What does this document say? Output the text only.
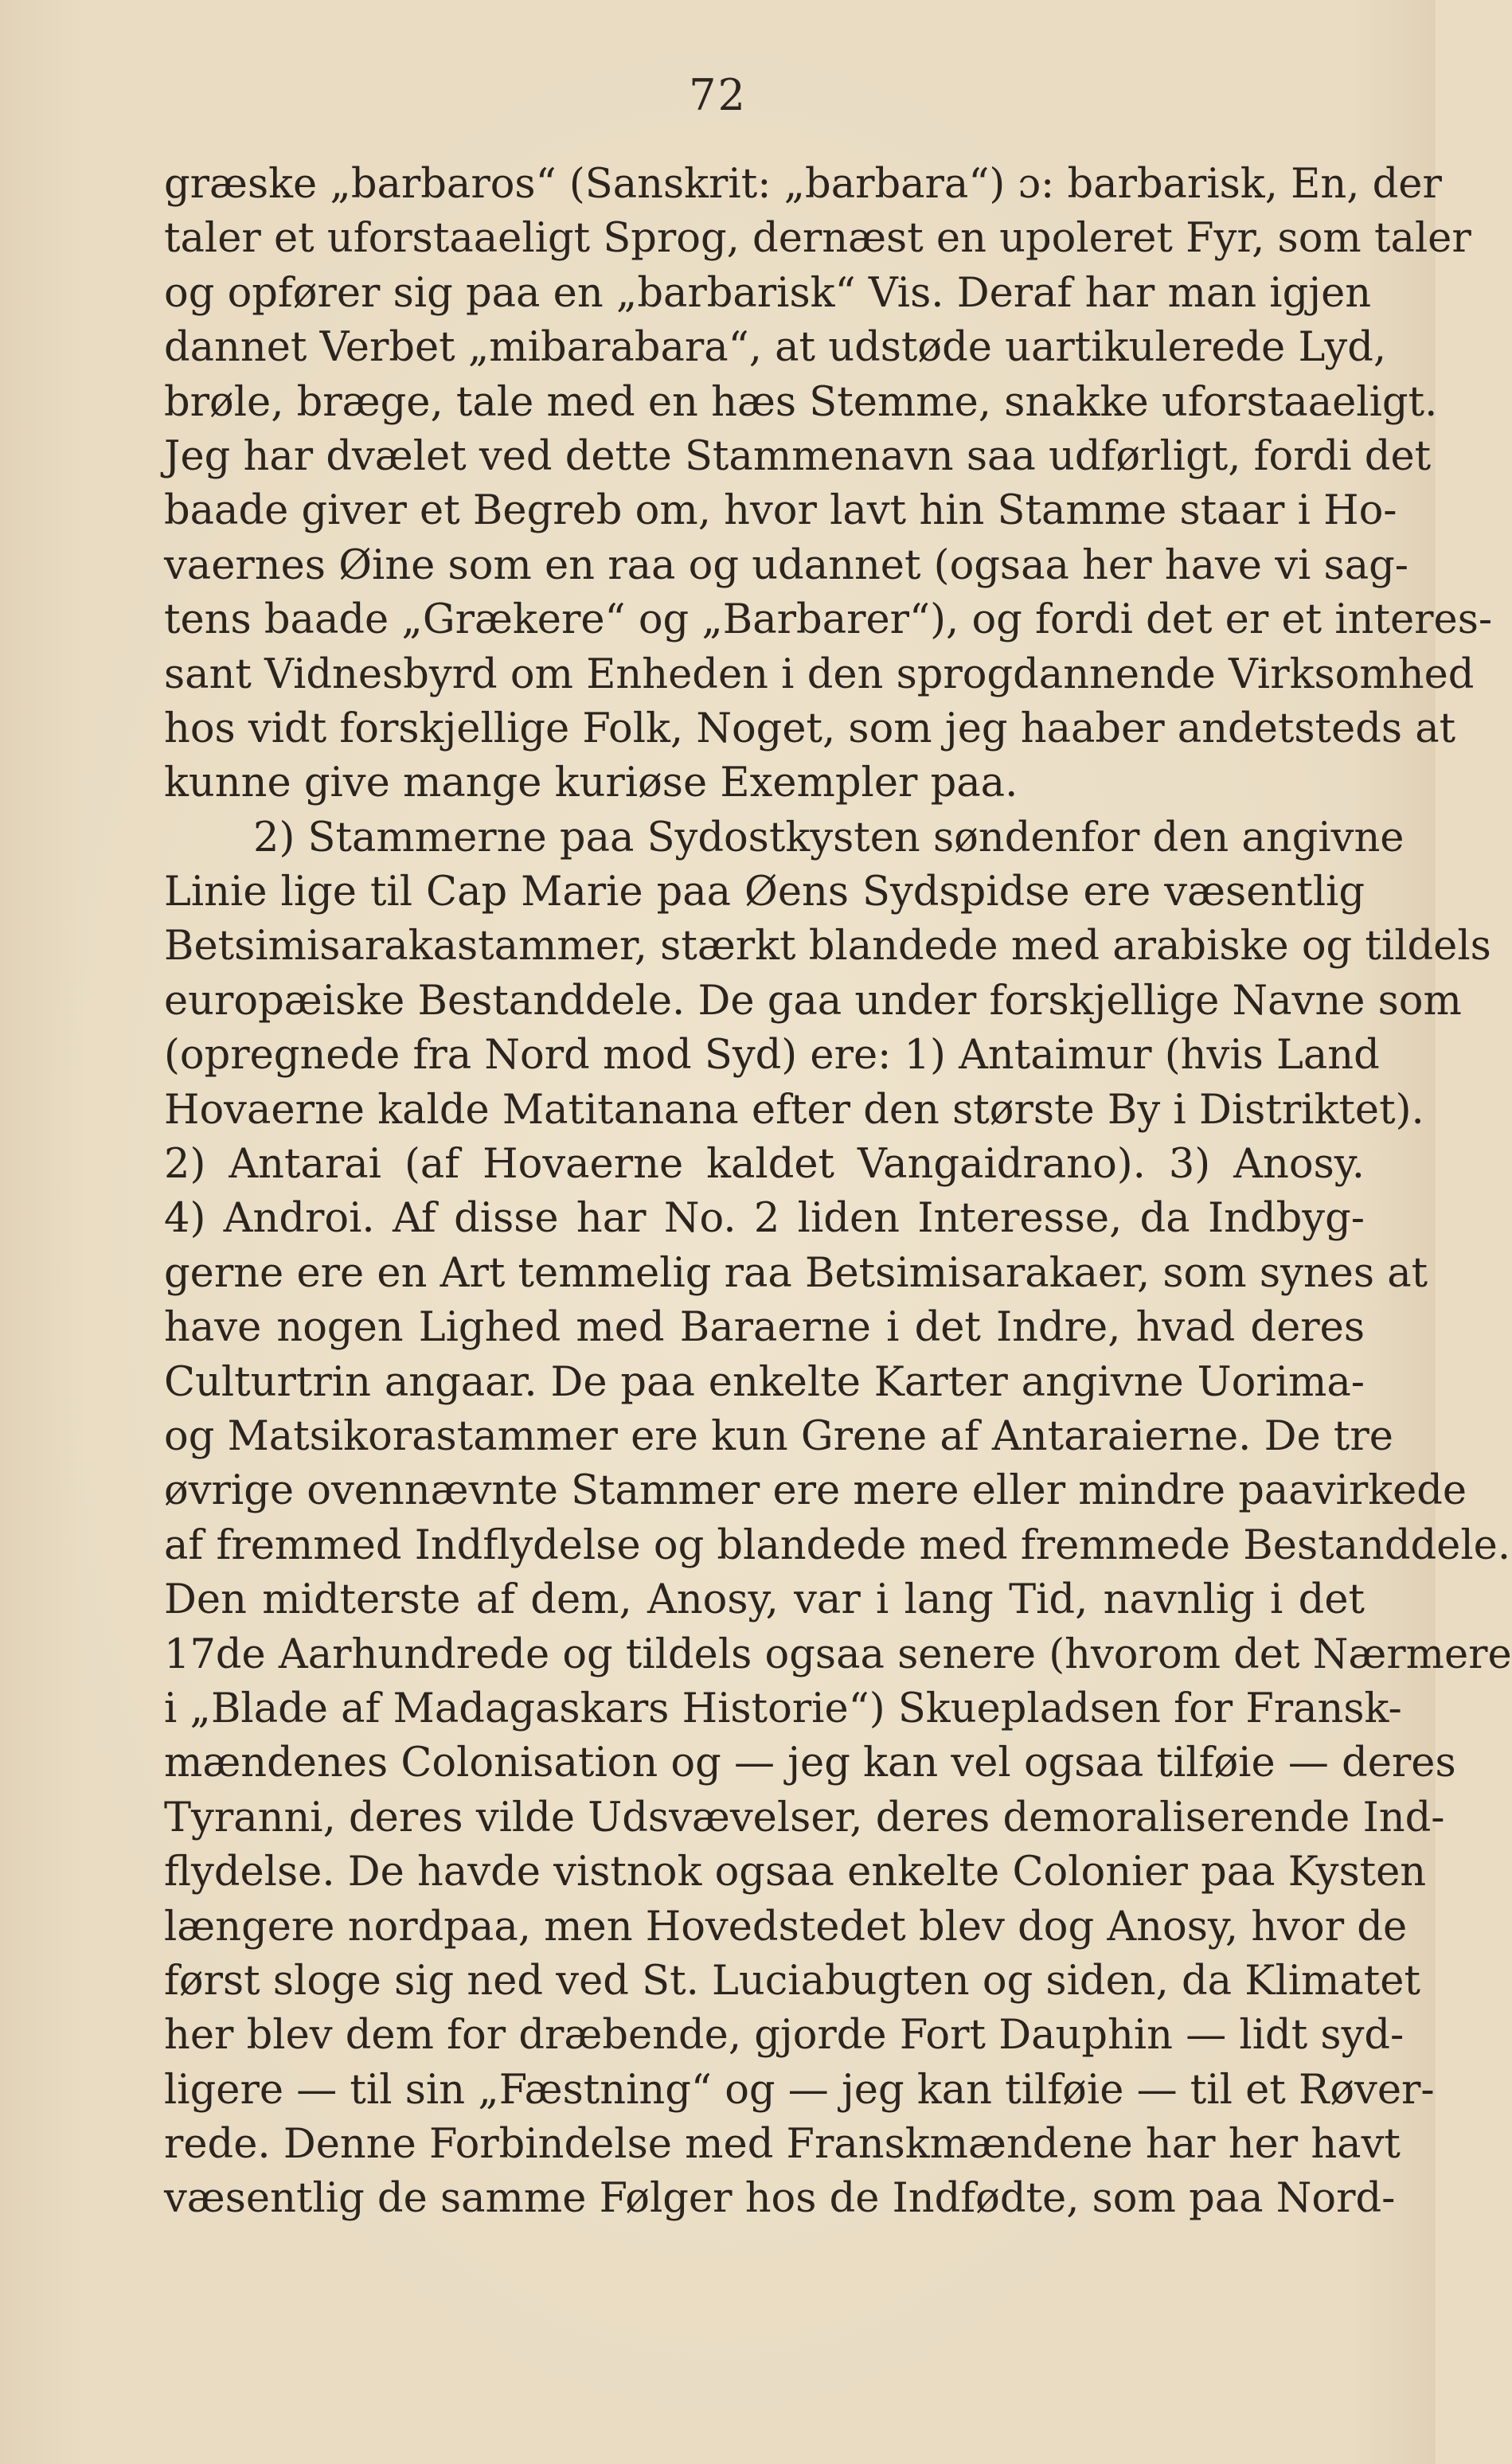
72
græske „barbaros“ (Sanskrit: „barbara“) ɔ: barbarisk, En, der
taler et uforstaaeligt Sprog, dernæst en upoleret Fyr, som taler
og opfører sig paa en „barbarisk“ Vis. Deraf har man igjen
dannet Verbet „mibarabara“, at udstøde uartikulerede Lyd,
brøle, bræge, tale med en hæs Stemme, snakke uforstaaeligt.
Jeg har dvælet ved dette Stammenavn saa udførligt, fordi det
baade giver et Begreb om, hvor lavt hin Stamme staar i Ho-
vaernes Øine som en raa og udannet (ogsaa her have vi sag-
tens baade „Grækere“ og „Barbarer“), og fordi det er et interes-
sant Vidnesbyrd om Enheden i den sprogdannende Virksomhed
hos vidt forskjellige Folk, Noget, som jeg haaber andetsteds at
kunne give mange kuriøse Exempler paa.
2) Stammerne paa Sydostkysten søndenfor den angivne
Linie lige til Cap Marie paa Øens Sydspidse ere væsentlig
Betsimisarakastammer, stærkt blandede med arabiske og tildels
europæiske Bestanddele. De gaa under forskjellige Navne som
(opregnede fra Nord mod Syd) ere: 1) Antaimur (hvis Land
Hovaerne kalde Matitanana efter den største By i Distriktet).
2) Antarai (af Hovaerne kaldet Vangaidrano). 3) Anosy.
4) Androi. Af disse har No. 2 liden Interesse, da Indbyg-
gerne ere en Art temmelig raa Betsimisarakaer, som synes at
have nogen Lighed med Baraerne i det Indre, hvad deres
Culturtrin angaar. De paa enkelte Karter angivne Uorima-
og Matsikorastammer ere kun Grene af Antaraierne. De tre
øvrige ovennævnte Stammer ere mere eller mindre paavirkede
af fremmed Indflydelse og blandede med fremmede Bestanddele.
Den midterste af dem, Anosy, var i lang Tid, navnlig i det
17de Aarhundrede og tildels ogsaa senere (hvorom det Nærmere
i „Blade af Madagaskars Historie“) Skuepladsen for Fransk-
mændenes Colonisation og — jeg kan vel ogsaa tilføie — deres
Tyranni, deres vilde Udsvævelser, deres demoraliserende Ind-
flydelse. De havde vistnok ogsaa enkelte Colonier paa Kysten
længere nordpaa, men Hovedstedet blev dog Anosy, hvor de
først sloge sig ned ved St. Luciabugten og siden, da Klimatet
her blev dem for dræbende, gjorde Fort Dauphin — lidt syd-
ligere — til sin „Fæstning“ og — jeg kan tilføie — til et Røver-
rede. Denne Forbindelse med Franskmændene har her havt
væsentlig de samme Følger hos de Indfødte, som paa Nord-
